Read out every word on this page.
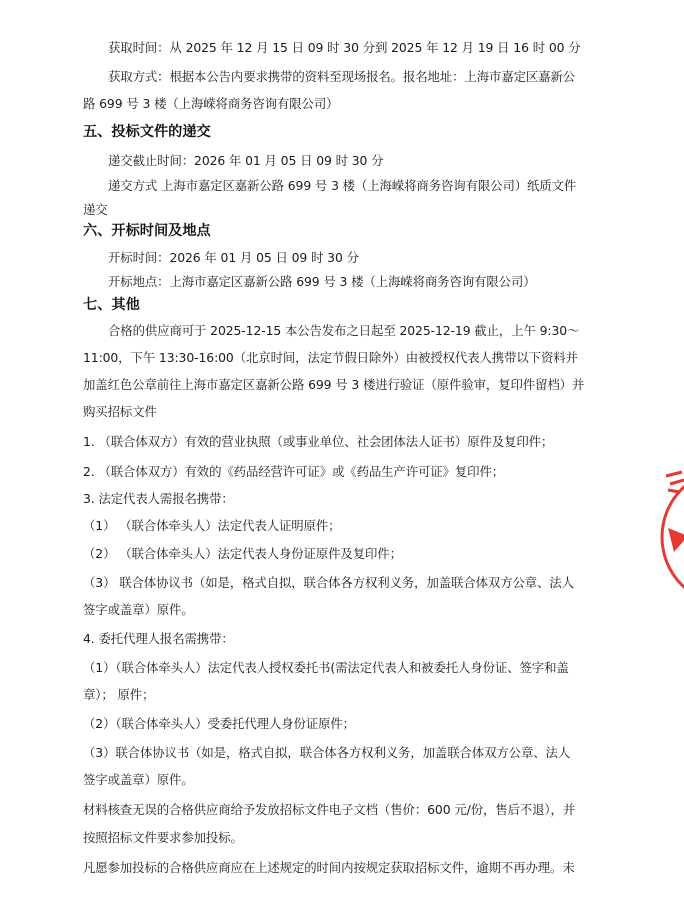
获取时间：从 2025 年 12 月 15 日 09 时 30 分到 2025 年 12 月 19 日 16 时 00 分
获取方式：根据本公告内要求携带的资料至现场报名。报名地址：上海市嘉定区嘉新公
路 699 号 3 楼（上海嵘将商务咨询有限公司）
五、投标文件的递交
递交截止时间：2026 年 01 月 05 日 09 时 30 分
递交方式 上海市嘉定区嘉新公路 699 号 3 楼（上海嵘将商务咨询有限公司）纸质文件
递交
六、开标时间及地点
开标时间：2026 年 01 月 05 日 09 时 30 分
开标地点：上海市嘉定区嘉新公路 699 号 3 楼（上海嵘将商务咨询有限公司）
七、其他
合格的供应商可于 2025-12-15 本公告发布之日起至 2025-12-19 截止，上午 9:30～
11:00，下午 13:30-16:00（北京时间，法定节假日除外）由被授权代表人携带以下资料并
加盖红色公章前往上海市嘉定区嘉新公路 699 号 3 楼进行验证（原件验审，复印件留档）并
购买招标文件
1. （联合体双方）有效的营业执照（或事业单位、社会团体法人证书）原件及复印件；
2. （联合体双方）有效的《药品经营许可证》或《药品生产许可证》复印件；
3. 法定代表人需报名携带：
（1） （联合体牵头人）法定代表人证明原件；
（2） （联合体牵头人）法定代表人身份证原件及复印件；
（3） 联合体协议书（如是，格式自拟，联合体各方权利义务，加盖联合体双方公章、法人
签字或盖章）原件。
4. 委托代理人报名需携带：
（1）（联合体牵头人）法定代表人授权委托书(需法定代表人和被委托人身份证、签字和盖
章）； 原件；
（2）（联合体牵头人）受委托代理人身份证原件；
（3）联合体协议书（如是，格式自拟，联合体各方权利义务，加盖联合体双方公章、法人
签字或盖章）原件。
材料核查无误的合格供应商给予发放招标文件电子文档（售价：600 元/份，售后不退），并
按照招标文件要求参加投标。
凡愿参加投标的合格供应商应在上述规定的时间内按规定获取招标文件，逾期不再办理。未
